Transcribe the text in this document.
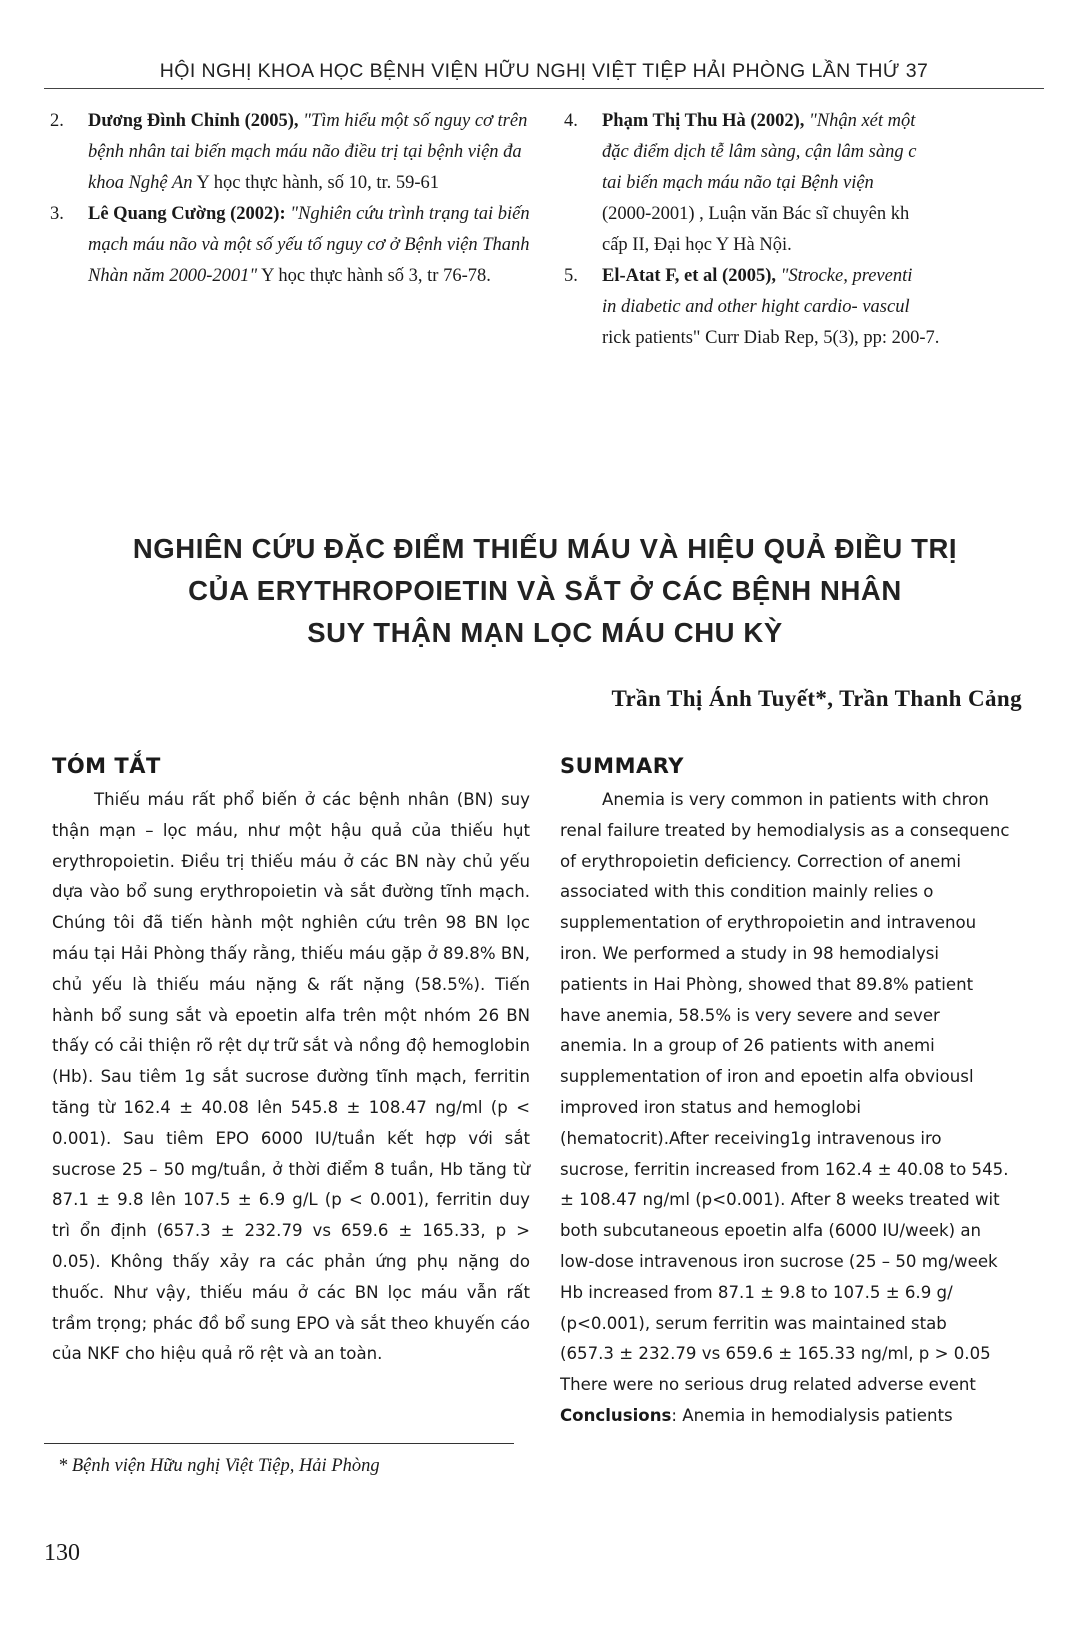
HỘI NGHỊ KHOA HỌC BỆNH VIỆN HỮU NGHỊ VIỆT TIỆP HẢI PHÒNG LẦN THỨ 37
2. Dương Đình Chỉnh (2005), "Tìm hiểu một số nguy cơ trên bệnh nhân tai biến mạch máu não điều trị tại bệnh viện đa khoa Nghệ An Y học thực hành, số 10, tr. 59-61
3. Lê Quang Cường (2002): "Nghiên cứu trình trạng tai biến mạch máu não và một số yếu tố nguy cơ ở Bệnh viện Thanh Nhàn năm 2000-2001" Y học thực hành số 3, tr 76-78.
4. Phạm Thị Thu Hà (2002), "Nhận xét một
đặc điểm dịch tễ lâm sàng, cận lâm sàng c
tai biến mạch máu não tại Bệnh viện
(2000-2001) , Luận văn Bác sĩ chuyên kh
cấp II, Đại học Y Hà Nội.
5. El-Atat F, et al (2005), "Strocke, preventi
in diabetic and other hight cardio- vascul
rick patients" Curr Diab Rep, 5(3), pp: 200-7.
NGHIÊN CỨU ĐẶC ĐIỂM THIẾU MÁU VÀ HIỆU QUẢ ĐIỀU TRỊ
CỦA ERYTHROPOIETIN VÀ SẮT Ở CÁC BỆNH NHÂN
SUY THẬN MẠN LỌC MÁU CHU KỲ
Trần Thị Ánh Tuyết*, Trần Thanh Cảng
TÓM TẮT

Thiếu máu rất phổ biến ở các bệnh nhân (BN) suy thận mạn – lọc máu, như một hậu quả của thiếu hụt erythropoietin. Điều trị thiếu máu ở các BN này chủ yếu dựa vào bổ sung erythropoietin và sắt đường tĩnh mạch. Chúng tôi đã tiến hành một nghiên cứu trên 98 BN lọc máu tại Hải Phòng thấy rằng, thiếu máu gặp ở 89.8% BN, chủ yếu là thiếu máu nặng & rất nặng (58.5%). Tiến hành bổ sung sắt và epoetin alfa trên một nhóm 26 BN thấy có cải thiện rõ rệt dự trữ sắt và nồng độ hemoglobin (Hb). Sau tiêm 1g sắt sucrose đường tĩnh mạch, ferritin tăng từ 162.4 ± 40.08 lên 545.8 ± 108.47 ng/ml (p < 0.001). Sau tiêm EPO 6000 IU/tuần kết hợp với sắt sucrose 25 – 50 mg/tuần, ở thời điểm 8 tuần, Hb tăng từ 87.1 ± 9.8 lên 107.5 ± 6.9 g/L (p < 0.001), ferritin duy trì ổn định (657.3 ± 232.79 vs 659.6 ± 165.33, p > 0.05). Không thấy xảy ra các phản ứng phụ nặng do thuốc. Như vậy, thiếu máu ở các BN lọc máu vẫn rất trầm trọng; phác đồ bổ sung EPO và sắt theo khuyến cáo của NKF cho hiệu quả rõ rệt và an toàn.

SUMMARY

Anemia is very common in patients with chron

renal failure treated by hemodialysis as a consequenc
of erythropoietin deficiency. Correction of anemi
associated with this condition mainly relies o
supplementation of erythropoietin and intravenou
iron. We performed a study in 98 hemodialysi
patients in Hai Phòng, showed that 89.8% patient
have anemia, 58.5% is very severe and sever
anemia. In a group of 26 patients with anemi
supplementation of iron and epoetin alfa obviousl
improved iron status and hemoglobi
(hematocrit).After receiving1g intravenous iro
sucrose, ferritin increased from 162.4 ± 40.08 to 545.
± 108.47 ng/ml (p<0.001). After 8 weeks treated wit
both subcutaneous epoetin alfa (6000 IU/week) an
low-dose intravenous iron sucrose (25 – 50 mg/week
Hb increased from 87.1 ± 9.8 to 107.5 ± 6.9 g/
(p<0.001), serum ferritin was maintained stab
(657.3 ± 232.79 vs 659.6 ± 165.33 ng/ml, p > 0.05
There were no serious drug related adverse event
Conclusions: Anemia in hemodialysis patients
* Bệnh viện Hữu nghị Việt Tiệp, Hải Phòng
130
